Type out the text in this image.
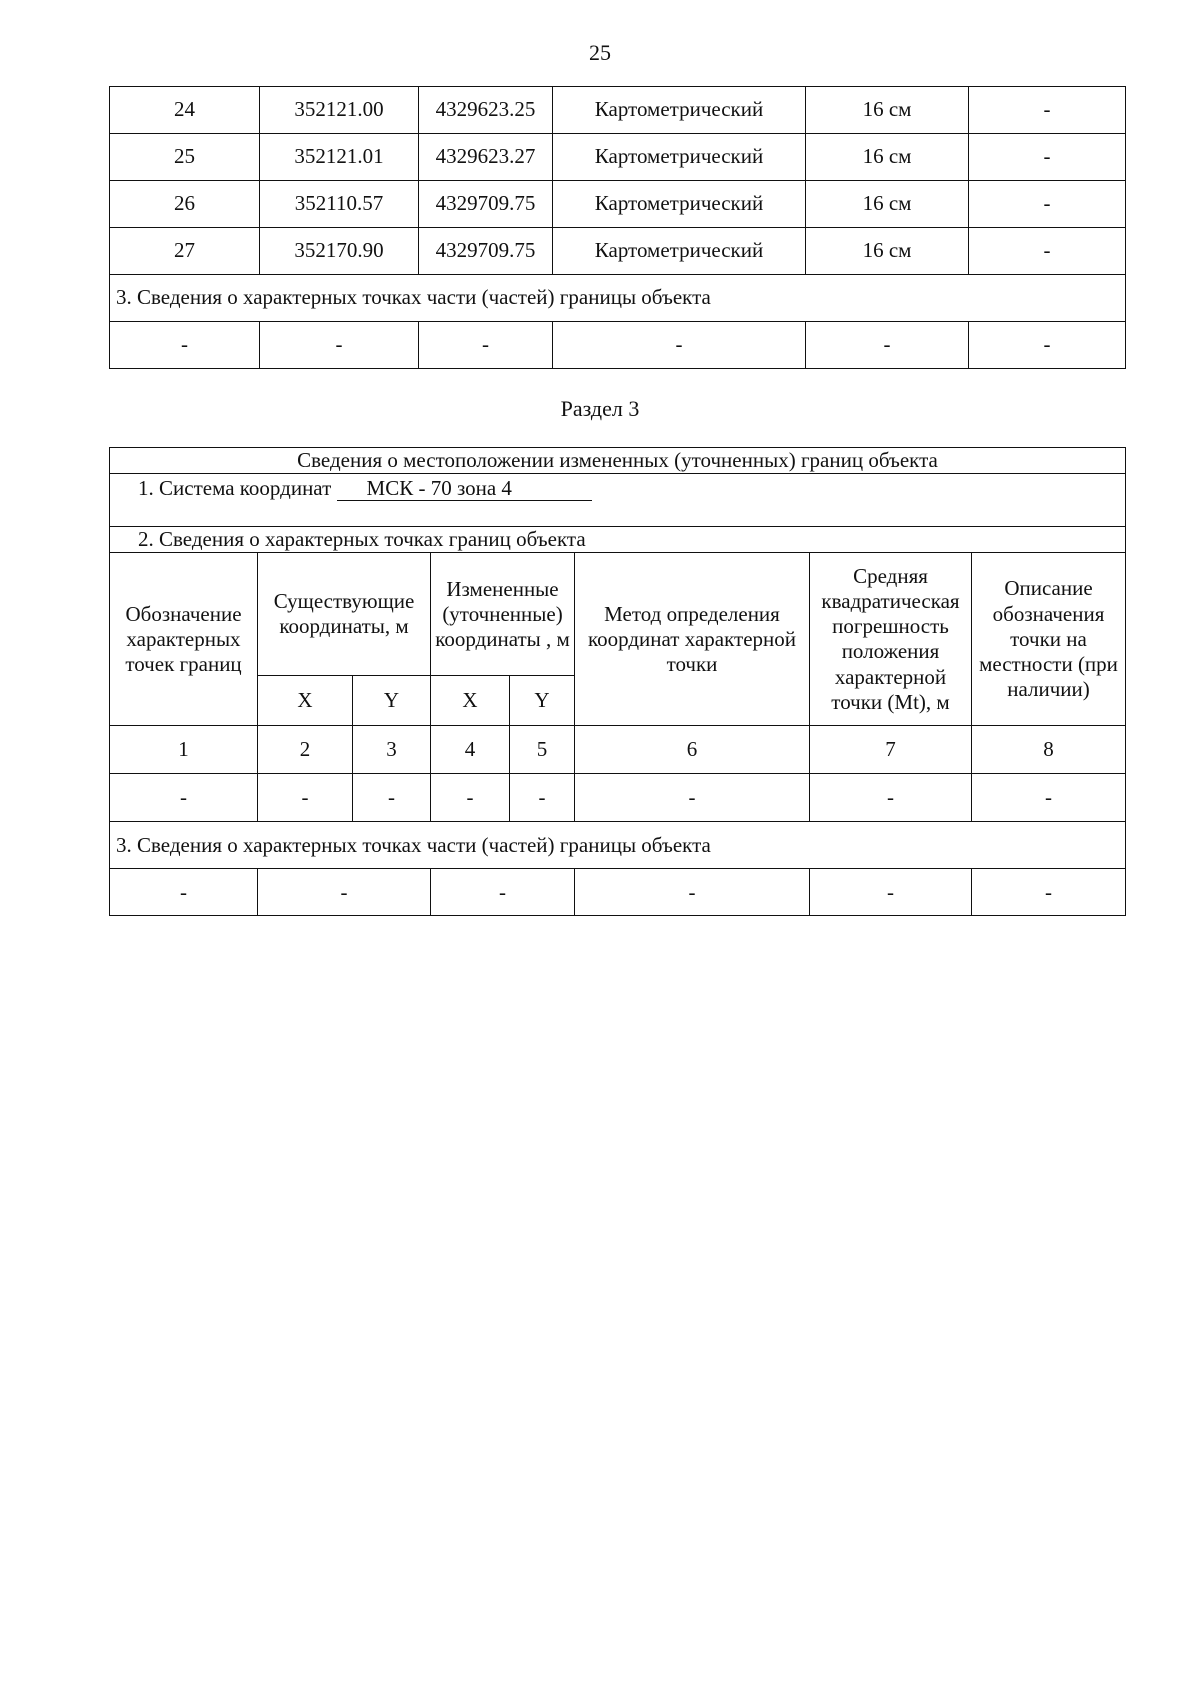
25
24	352121.00	4329623.25	Картометрический	16 см	-
25	352121.01	4329623.27	Картометрический	16 см	-
26	352110.57	4329709.75	Картометрический	16 см	-
27	352170.90	4329709.75	Картометрический	16 см	-
3. Сведения о характерных точках части (частей) границы объекта					
-	-	-	-	-	-
Раздел 3
Сведения о местоположении измененных (уточненных) границ объекта							
1. Система координат МСК - 70 зона 4							
2. Сведения о характерных точках границ объекта							
Обозначение характерных точек границ	Существующие координаты, м		Измененные (уточненные) координаты , м		Метод определения координат характерной точки	Средняя квадратическая погрешность положения характерной точки (Mt), м	Описание обозначения точки на местности (при наличии)
	X	Y	X	Y			
1	2	3	4	5	6	7	8
-	-	-	-	-	-	-	-
3. Сведения о характерных точках части (частей) границы объекта							
-	-		-		-	-	-
